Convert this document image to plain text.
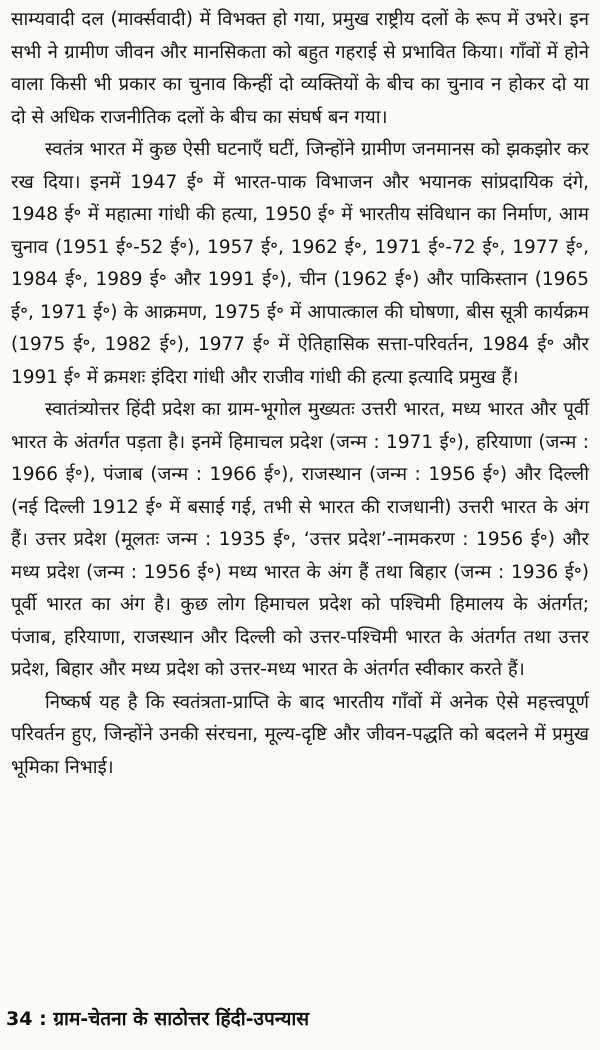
साम्यवादी दल (मार्क्सवादी) में विभक्त हो गया, प्रमुख राष्ट्रीय दलों के रूप में उभरे। इन सभी ने ग्रामीण जीवन और मानसिकता को बहुत गहराई से प्रभावित किया। गाँवों में होने वाला किसी भी प्रकार का चुनाव किन्हीं दो व्यक्तियों के बीच का चुनाव न होकर दो या दो से अधिक राजनीतिक दलों के बीच का संघर्ष बन गया।

स्वतंत्र भारत में कुछ ऐसी घटनाएँ घटीं, जिन्होंने ग्रामीण जनमानस को झकझोर कर रख दिया। इनमें 1947 ई॰ में भारत-पाक विभाजन और भयानक सांप्रदायिक दंगे, 1948 ई॰ में महात्मा गांधी की हत्या, 1950 ई॰ में भारतीय संविधान का निर्माण, आम चुनाव (1951 ई॰-52 ई॰), 1957 ई॰, 1962 ई॰, 1971 ई॰-72 ई॰, 1977 ई॰, 1984 ई॰, 1989 ई॰ और 1991 ई॰), चीन (1962 ई॰) और पाकिस्तान (1965 ई॰, 1971 ई॰) के आक्रमण, 1975 ई॰ में आपात्काल की घोषणा, बीस सूत्री कार्यक्रम (1975 ई॰, 1982 ई॰), 1977 ई॰ में ऐतिहासिक सत्ता-परिवर्तन, 1984 ई॰ और 1991 ई॰ में क्रमशः इंदिरा गांधी और राजीव गांधी की हत्या इत्यादि प्रमुख हैं।

स्वातंत्र्योत्तर हिंदी प्रदेश का ग्राम-भूगोल मुख्यतः उत्तरी भारत, मध्य भारत और पूर्वी भारत के अंतर्गत पड़ता है। इनमें हिमाचल प्रदेश (जन्म : 1971 ई॰), हरियाणा (जन्म : 1966 ई॰), पंजाब (जन्म : 1966 ई॰), राजस्थान (जन्म : 1956 ई॰) और दिल्ली (नई दिल्ली 1912 ई॰ में बसाई गई, तभी से भारत की राजधानी) उत्तरी भारत के अंग हैं। उत्तर प्रदेश (मूलतः जन्म : 1935 ई॰, ‘उत्तर प्रदेश’-नामकरण : 1956 ई॰) और मध्य प्रदेश (जन्म : 1956 ई॰) मध्य भारत के अंग हैं तथा बिहार (जन्म : 1936 ई॰) पूर्वी भारत का अंग है। कुछ लोग हिमाचल प्रदेश को पश्चिमी हिमालय के अंतर्गत; पंजाब, हरियाणा, राजस्थान और दिल्ली को उत्तर-पश्चिमी भारत के अंतर्गत तथा उत्तर प्रदेश, बिहार और मध्य प्रदेश को उत्तर-मध्य भारत के अंतर्गत स्वीकार करते हैं।

निष्कर्ष यह है कि स्वतंत्रता-प्राप्ति के बाद भारतीय गाँवों में अनेक ऐसे महत्त्वपूर्ण परिवर्तन हुए, जिन्होंने उनकी संरचना, मूल्य-दृष्टि और जीवन-पद्धति को बदलने में प्रमुख भूमिका निभाई।

34 : ग्राम-चेतना के साठोत्तर हिंदी-उपन्यास
